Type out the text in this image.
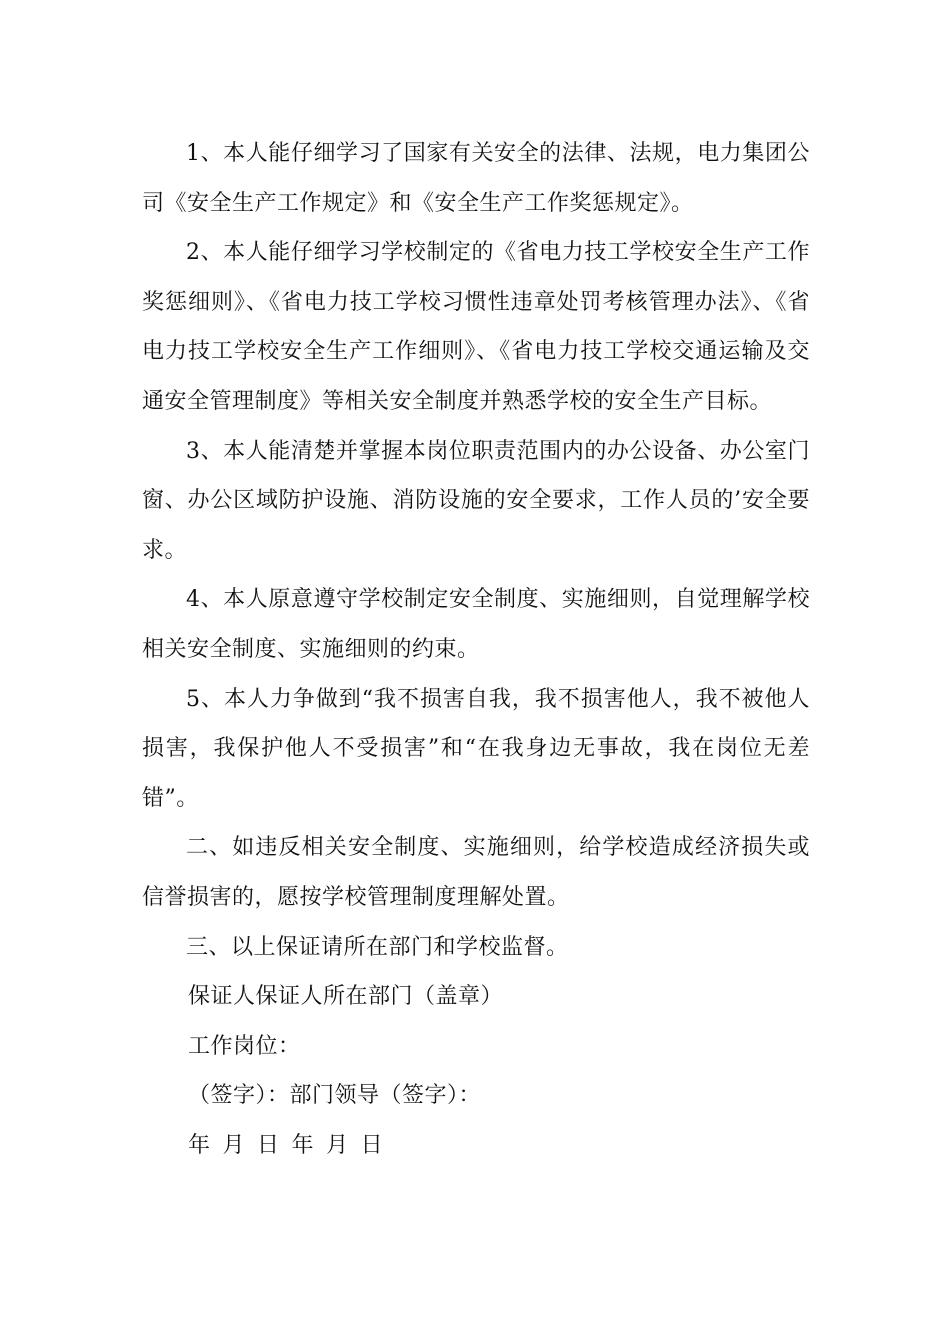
1、本人能仔细学习了国家有关安全的法律、法规，电力集团公司《安全生产工作规定》和《安全生产工作奖惩规定》。

2、本人能仔细学习学校制定的《省电力技工学校安全生产工作奖惩细则》、《省电力技工学校习惯性违章处罚考核管理办法》、《省电力技工学校安全生产工作细则》、《省电力技工学校交通运输及交通安全管理制度》等相关安全制度并熟悉学校的安全生产目标。

3、本人能清楚并掌握本岗位职责范围内的办公设备、办公室门窗、办公区域防护设施、消防设施的安全要求，工作人员的’安全要求。

4、本人原意遵守学校制定安全制度、实施细则，自觉理解学校相关安全制度、实施细则的约束。

5、本人力争做到“我不损害自我，我不损害他人，我不被他人损害，我保护他人不受损害”和“在我身边无事故，我在岗位无差错”。

二、如违反相关安全制度、实施细则，给学校造成经济损失或信誉损害的，愿按学校管理制度理解处置。

三、以上保证请所在部门和学校监督。

保证人保证人所在部门（盖章）

工作岗位：

（签字）：部门领导（签字）：

年 月 日 年 月 日
